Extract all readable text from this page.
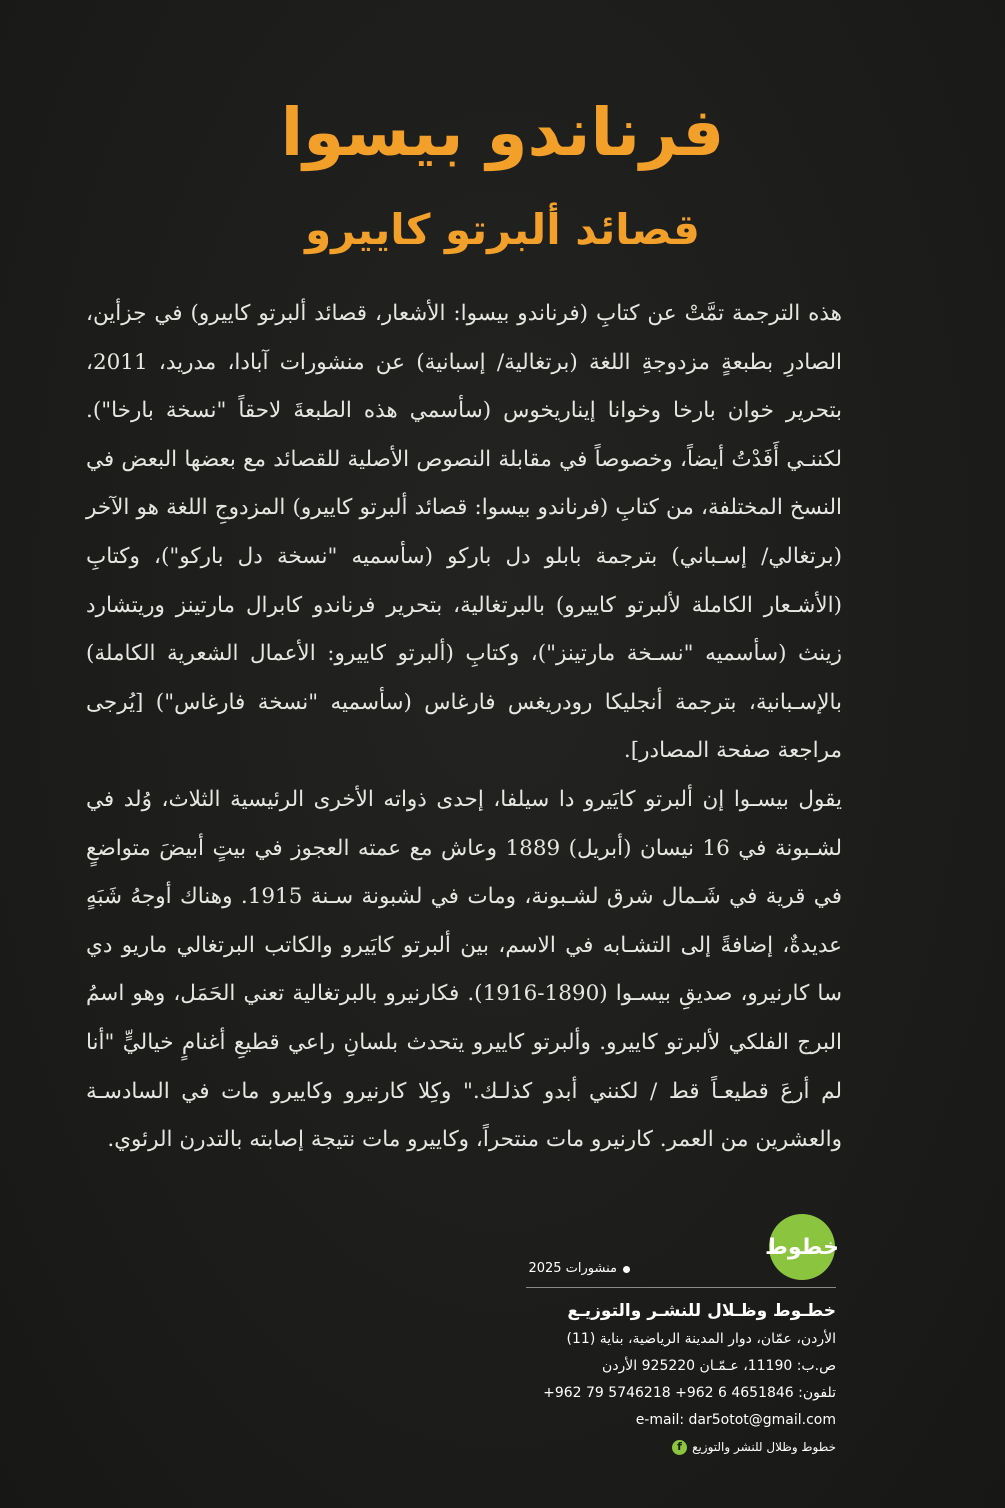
فرناندو بيسوا
قصائد ألبرتو كاييرو

هذه الترجمة تمَّتْ عن كتابِ (فرناندو بيسوا: الأشعار، قصائد ألبرتو كاييرو) في جزأين، الصادرِ بطبعةٍ مزدوجةِ اللغة (برتغالية/ إسبانية) عن منشورات آبادا، مدريد، 2011، بتحرير خوان بارخا وخوانا إيناريخوس (سأسمي هذه الطبعةَ لاحقاً "نسخة بارخا"). لكننـي أَفَدْتُ أيضاً، وخصوصاً في مقابلة النصوص الأصلية للقصائد مع بعضها البعض في النسخ المختلفة، من كتابِ (فرناندو بيسوا: قصائد ألبرتو كاييرو) المزدوجِ اللغة هو الآخر (برتغالي/ إسـباني) بترجمة بابلو دل باركو (سأسميه "نسخة دل باركو")، وكتابِ (الأشـعار الكاملة لألبرتو كاييرو) بالبرتغالية، بتحرير فرناندو كابرال مارتينز وريتشارد زينث (سأسميه "نسـخة مارتينز")، وكتابِ (ألبرتو كاييرو: الأعمال الشعرية الكاملة) بالإسـبانية، بترجمة أنجليكا رودريغس فارغاس (سأسميه "نسخة فارغاس") [يُرجى مراجعة صفحة المصادر].

يقول بيسـوا إن ألبرتو كايَيرو دا سيلفا، إحدى ذواته الأخرى الرئيسية الثلاث، وُلد في لشـبونة في 16 نيسان (أبريل) 1889 وعاش مع عمته العجوز في بيتٍ أبيضَ متواضعٍ في قرية في شَـمال شرق لشـبونة، ومات في لشبونة سـنة 1915. وهناك أوجهُ شَبَهٍ عديدةٌ، إضافةً إلى التشـابه في الاسم، بين ألبرتو كايَيرو والكاتب البرتغالي ماريو دي سا كارنيرو، صديقِ بيسـوا (1890-1916). فكارنيرو بالبرتغالية تعني الحَمَل، وهو اسمُ البرج الفلكي لألبرتو كاييرو. وألبرتو كاييرو يتحدث بلسانِ راعي قطيعِ أغنامٍ خياليٍّ "أنا لم أرعَ قطيعـاً قط / لكنني أبدو كذلـك." وكِلا كارنيرو وكاييرو مات في السادسـة والعشرين من العمر. كارنيرو مات منتحراً، وكاييرو مات نتيجة إصابته بالتدرن الرئوي.

خطوط
منشورات 2025
خطـوط وظـلال للنشـر والتوزيـع
الأردن، عمّان، دوار المدينة الرياضية، بناية (11)
ص.ب: 11190، عـمّـان 925220 الأردن
تلفون: +962 79 5746218 +962 6 4651846
e-mail: dar5otot@gmail.com
خطوط وظلال للنشر والتوزيع
f
